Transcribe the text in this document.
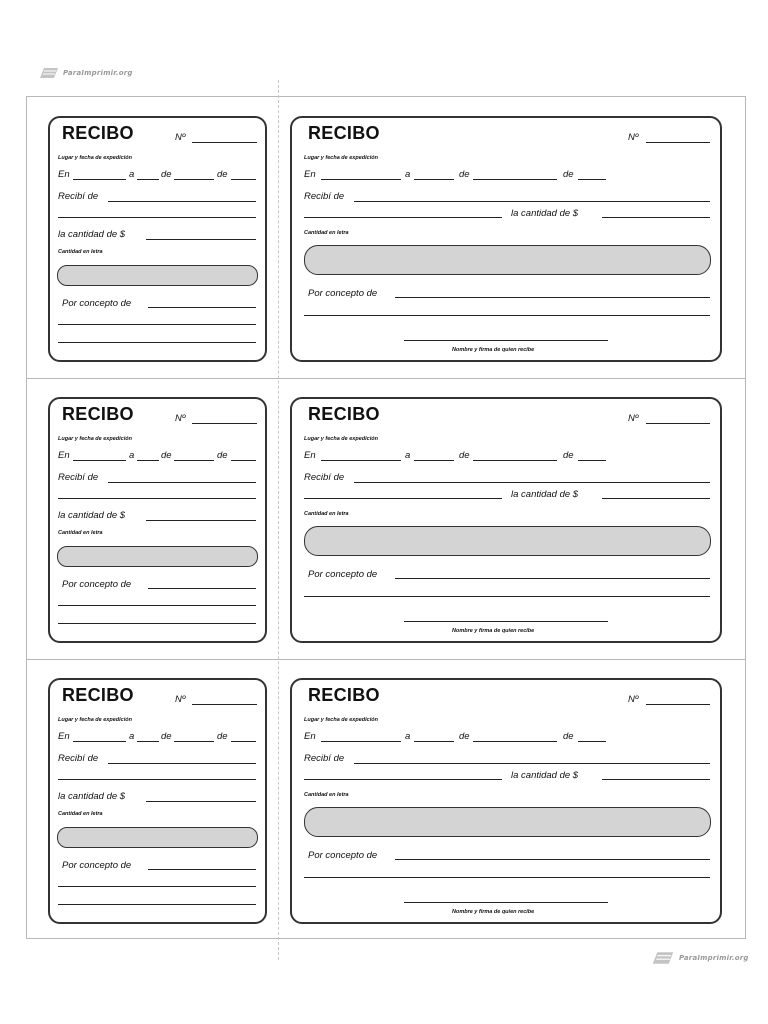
ParaImprimir.org
ParaImprimir.org
RECIBO	Nº
Lugar y fecha de expedición
En	a	de	de
Recibí de
la cantidad de $
Cantidad en letra
Por concepto de
RECIBO	Nº
Lugar y fecha de expedición
En	a	de	de
Recibí de
la cantidad de $
Cantidad en letra
Por concepto de
Nombre y firma de quien recibe
RECIBO	Nº
Lugar y fecha de expedición
En	a	de	de
Recibí de
la cantidad de $
Cantidad en letra
Por concepto de
RECIBO	Nº
Lugar y fecha de expedición
En	a	de	de
Recibí de
la cantidad de $
Cantidad en letra
Por concepto de
Nombre y firma de quien recibe
RECIBO	Nº
Lugar y fecha de expedición
En	a	de	de
Recibí de
la cantidad de $
Cantidad en letra
Por concepto de
RECIBO	Nº
Lugar y fecha de expedición
En	a	de	de
Recibí de
la cantidad de $
Cantidad en letra
Por concepto de
Nombre y firma de quien recibe
